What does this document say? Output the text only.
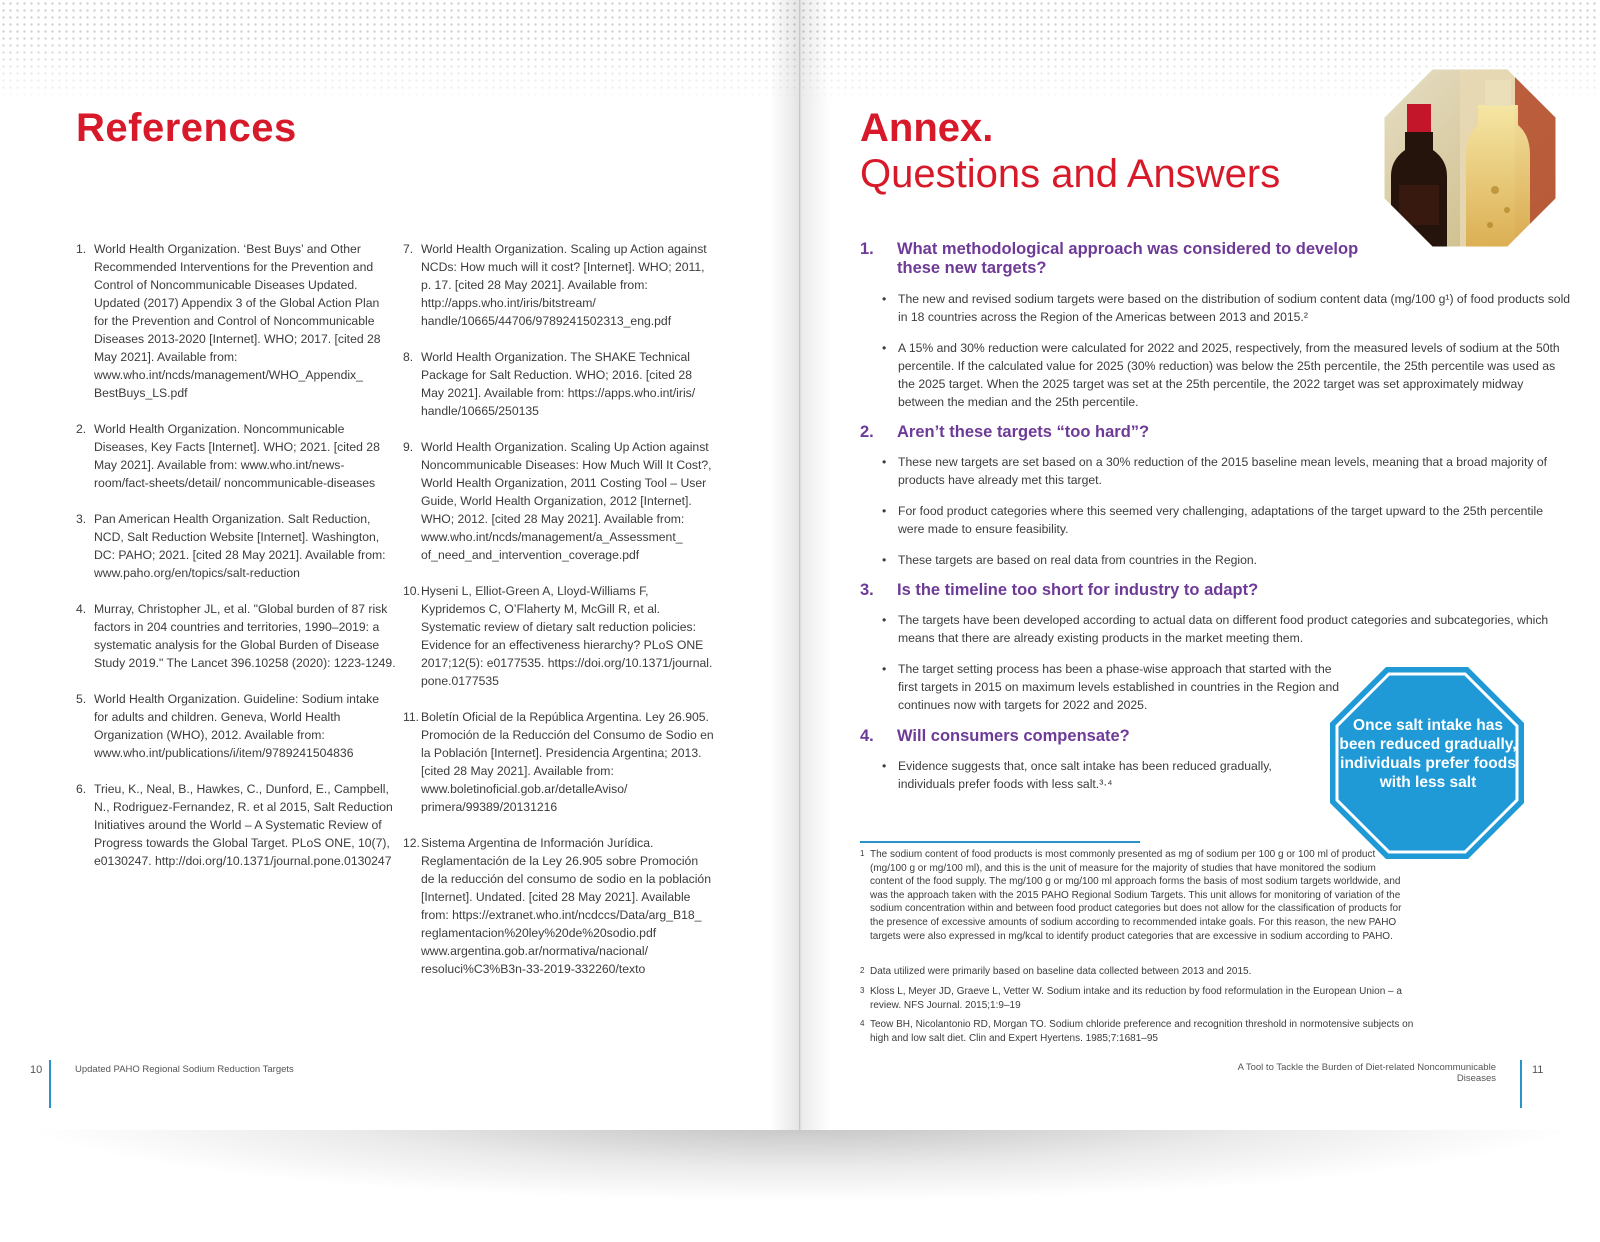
References
1. World Health Organization. ‘Best Buys’ and Other Recommended Interventions for the Prevention and Control of Noncommunicable Diseases Updated. Updated (2017) Appendix 3 of the Global Action Plan for the Prevention and Control of Noncommunicable Diseases 2013-2020 [Internet]. WHO; 2017. [cited 28 May 2021]. Available from: www.who.int/ncds/management/WHO_Appendix_ BestBuys_LS.pdf
2. World Health Organization. Noncommunicable Diseases, Key Facts [Internet]. WHO; 2021. [cited 28 May 2021]. Available from: www.who.int/news-room/fact-sheets/detail/ noncommunicable-diseases
3. Pan American Health Organization. Salt Reduction, NCD, Salt Reduction Website [Internet]. Washington, DC: PAHO; 2021. [cited 28 May 2021]. Available from: www.paho.org/en/topics/salt-reduction
4. Murray, Christopher JL, et al. "Global burden of 87 risk factors in 204 countries and territories, 1990–2019: a systematic analysis for the Global Burden of Disease Study 2019." The Lancet 396.10258 (2020): 1223-1249.
5. World Health Organization. Guideline: Sodium intake for adults and children. Geneva, World Health Organization (WHO), 2012. Available from: www.who.int/publications/i/item/9789241504836
6. Trieu, K., Neal, B., Hawkes, C., Dunford, E., Campbell, N., Rodriguez-Fernandez, R. et al 2015, Salt Reduction Initiatives around the World – A Systematic Review of Progress towards the Global Target. PLoS ONE, 10(7), e0130247. http://doi.org/10.1371/journal.pone.0130247
7. World Health Organization. Scaling up Action against NCDs: How much will it cost? [Internet]. WHO; 2011, p. 17. [cited 28 May 2021]. Available from: http://apps.who.int/iris/bitstream/ handle/10665/44706/9789241502313_eng.pdf
8. World Health Organization. The SHAKE Technical Package for Salt Reduction. WHO; 2016. [cited 28 May 2021]. Available from: https://apps.who.int/iris/ handle/10665/250135
9. World Health Organization. Scaling Up Action against Noncommunicable Diseases: How Much Will It Cost?, World Health Organization, 2011 Costing Tool – User Guide, World Health Organization, 2012 [Internet]. WHO; 2012. [cited 28 May 2021]. Available from: www.who.int/ncds/management/a_Assessment_ of_need_and_intervention_coverage.pdf
10. Hyseni L, Elliot-Green A, Lloyd-Williams F, Kypridemos C, O’Flaherty M, McGill R, et al. Systematic review of dietary salt reduction policies: Evidence for an effectiveness hierarchy? PLoS ONE 2017;12(5): e0177535. https://doi.org/10.1371/journal. pone.0177535
11. Boletín Oficial de la República Argentina. Ley 26.905. Promoción de la Reducción del Consumo de Sodio en la Población [Internet]. Presidencia Argentina; 2013. [cited 28 May 2021]. Available from: www.boletinoficial.gob.ar/detalleAviso/ primera/99389/20131216
12. Sistema Argentina de Información Jurídica. Reglamentación de la Ley 26.905 sobre Promoción de la reducción del consumo de sodio en la población [Internet]. Undated. [cited 28 May 2021]. Available from: https://extranet.who.int/ncdccs/Data/arg_B18_ reglamentacion%20ley%20de%20sodio.pdf www.argentina.gob.ar/normativa/nacional/ resoluci%C3%B3n-33-2019-332260/texto
10	Updated PAHO Regional Sodium Reduction Targets
Annex.
Questions and Answers
1.	What methodological approach was considered to develop
these new targets?
• The new and revised sodium targets were based on the distribution of sodium content data (mg/100 g¹) of food products sold in 18 countries across the Region of the Americas between 2013 and 2015.²
• A 15% and 30% reduction were calculated for 2022 and 2025, respectively, from the measured levels of sodium at the 50th percentile. If the calculated value for 2025 (30% reduction) was below the 25th percentile, the 25th percentile was used as the 2025 target. When the 2025 target was set at the 25th percentile, the 2022 target was set approximately midway between the median and the 25th percentile.
2.	Aren’t these targets “too hard”?
• These new targets are set based on a 30% reduction of the 2015 baseline mean levels, meaning that a broad majority of products have already met this target.
• For food product categories where this seemed very challenging, adaptations of the target upward to the 25th percentile were made to ensure feasibility.
• These targets are based on real data from countries in the Region.
3.	Is the timeline too short for industry to adapt?
• The targets have been developed according to actual data on different food product categories and subcategories, which means that there are already existing products in the market meeting them.
• The target setting process has been a phase-wise approach that started with the first targets in 2015 on maximum levels established in countries in the Region and continues now with targets for 2022 and 2025.
4.	Will consumers compensate?
• Evidence suggests that, once salt intake has been reduced gradually, individuals prefer foods with less salt.³·⁴
Once salt intake has been reduced gradually, individuals prefer foods with less salt
1 The sodium content of food products is most commonly presented as mg of sodium per 100 g or 100 ml of product (mg/100 g or mg/100 ml), and this is the unit of measure for the majority of studies that have monitored the sodium content of the food supply. The mg/100 g or mg/100 ml approach forms the basis of most sodium targets worldwide, and was the approach taken with the 2015 PAHO Regional Sodium Targets. This unit allows for monitoring of variation of the sodium concentration within and between food product categories but does not allow for the classification of products for the presence of excessive amounts of sodium according to recommended intake goals. For this reason, the new PAHO targets were also expressed in mg/kcal to identify product categories that are excessive in sodium according to PAHO.
2 Data utilized were primarily based on baseline data collected between 2013 and 2015.
3 Kloss L, Meyer JD, Graeve L, Vetter W. Sodium intake and its reduction by food reformulation in the European Union – a review. NFS Journal. 2015;1:9–19
4 Teow BH, Nicolantonio RD, Morgan TO. Sodium chloride preference and recognition threshold in normotensive subjects on high and low salt diet. Clin and Expert Hyertens. 1985;7:1681–95
A Tool to Tackle the Burden of Diet-related Noncommunicable Diseases
11
